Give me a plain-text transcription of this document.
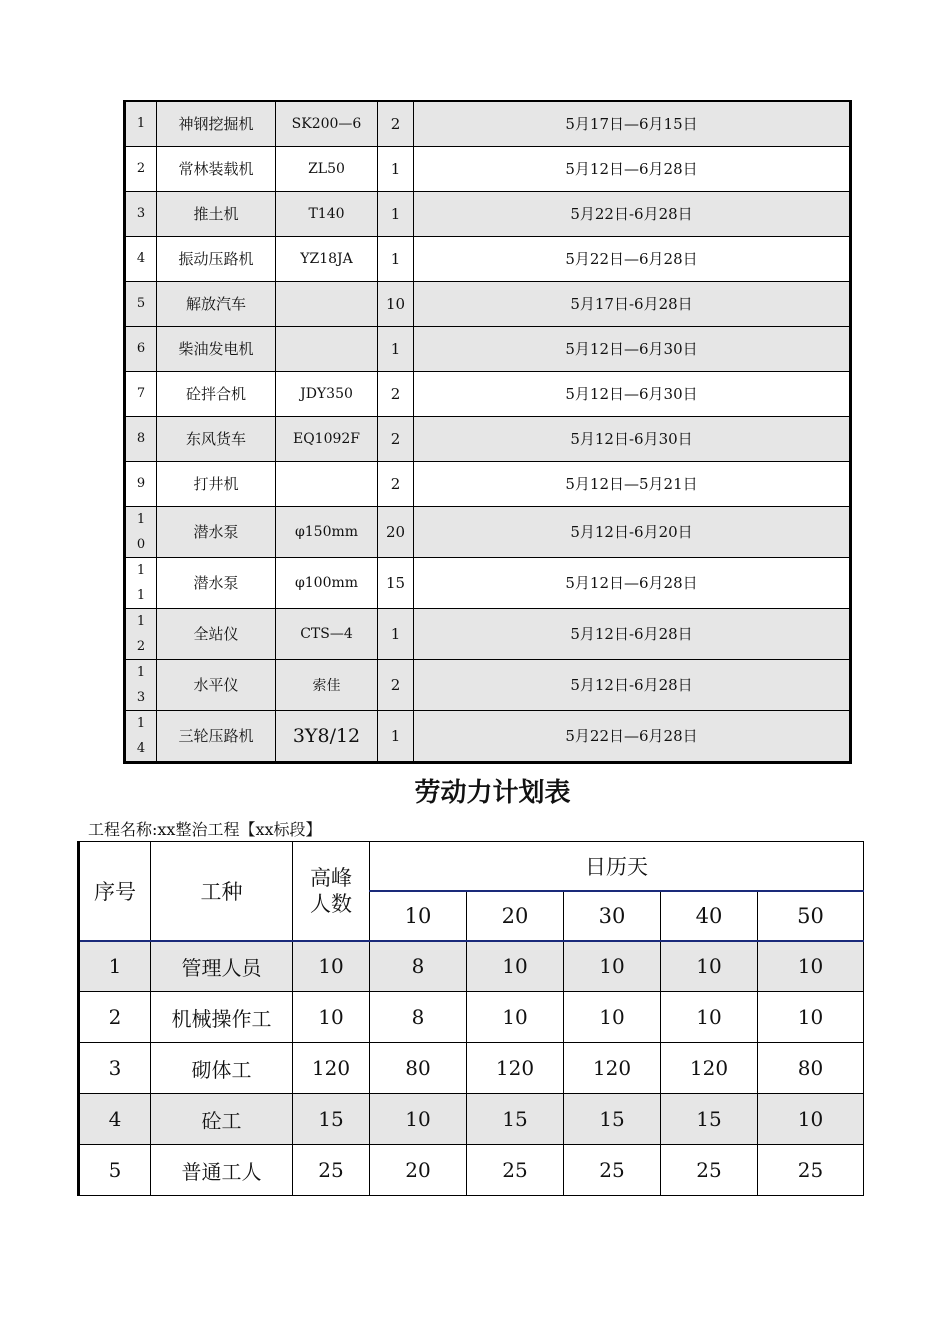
1	神钢挖掘机	SK200—6	2	5月17日—6月15日
2	常林装载机	ZL50	1	5月12日—6月28日
3	推土机	T140	1	5月22日-6月28日
4	振动压路机	YZ18JA	1	5月22日—6月28日
5	解放汽车		10	5月17日-6月28日
6	柴油发电机		1	5月12日—6月30日
7	砼拌合机	JDY350	2	5月12日—6月30日
8	东风货车	EQ1092F	2	5月12日-6月30日
9	打井机		2	5月12日—5月21日
10	潜水泵	φ150mm	20	5月12日-6月20日
11	潜水泵	φ100mm	15	5月12日—6月28日
12	全站仪	CTS—4	1	5月12日-6月28日
13	水平仪	索佳	2	5月12日-6月28日
14	三轮压路机	3Y8/12	1	5月22日—6月28日
劳动力计划表
工程名称:xx整治工程【xx标段】
序号	工种	高峰
人数	日历天				
			10	20	30	40	50
1	管理人员	10	8	10	10	10	10
2	机械操作工	10	8	10	10	10	10
3	砌体工	120	80	120	120	120	80
4	砼工	15	10	15	15	15	10
5	普通工人	25	20	25	25	25	25
